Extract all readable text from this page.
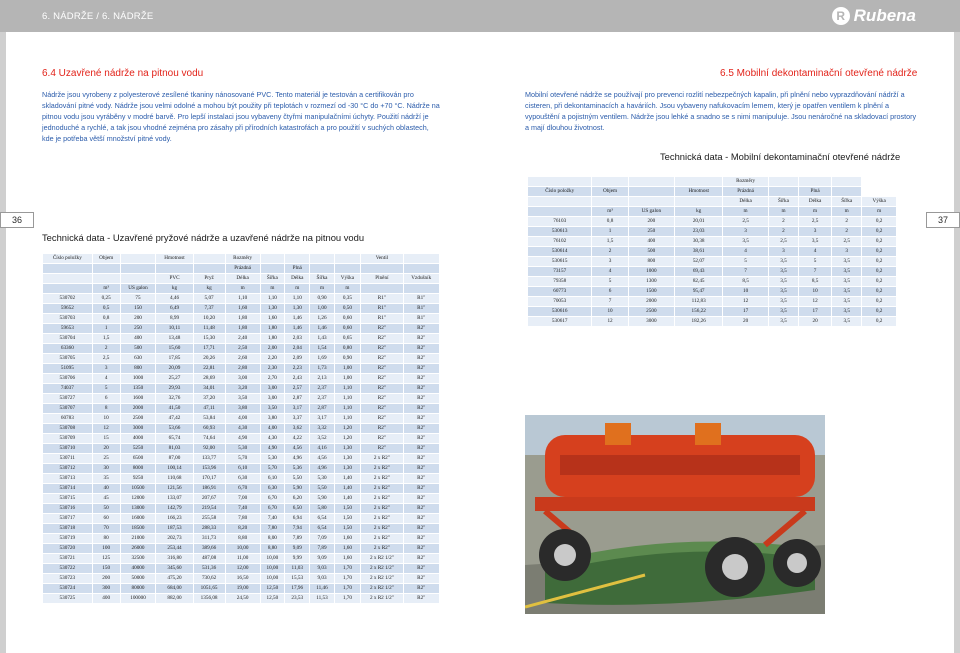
6. NÁDRŽE / 6. NÁDRŽE	R Rubena
36	37
6.4 Uzavřené nádrže na pitnou vodu

Nádrže jsou vyrobeny z polyesterové zesílené tkaniny nánosované PVC. Tento materiál je testován a certifikován pro skladování pitné vody. Nádrže jsou velmi odolné a mohou být použity při teplotách v rozmezí od -30 °C do +70 °C. Nádrže na pitnou vodu jsou vyráběny v modré barvě. Pro lepší instalaci jsou vybaveny čtyřmi manipulačními úchyty. Použití nádrží je jednoduché a rychlé, a tak jsou vhodné zejména pro zásahy při přírodních katastrofách a pro použití v suchých oblastech, kde je potřeba větší množství pitné vody.

Technická data - Uzavřené pryžové nádrže a uzavřené nádrže na pitnou vodu
Číslo položky	Objem		Hmotnost		Rozměry					Ventil	
					Prázdná		Plná				
			PVC	Pryž	Délka	Šířka	Délka	Šířka	Výška	Plnění	Vzdušník
	m³	US galon	kg	kg	m	m	m	m	m		
530702	0,25	75	4,46	5,07	1,10	1,10	1,10	0,90	0,35	R1"	R1"
59652	0,5	150	6,49	7,37	1,60	1,30	1,30	1,00	0,50	R1"	R1"
530703	0,8	200	8,99	10,20	1,80	1,60	1,46	1,26	0,60	R1"	R1"
59653	1	250	10,11	11,48	1,80	1,80	1,46	1,46	0,60	R2"	R2"
530704	1,5	400	13,48	15,30	2,40	1,80	2,03	1,43	0,65	R2"	R2"
63360	2	500	15,60	17,71	2,50	2,00	2,04	1,54	0,80	R2"	R2"
530705	2,5	630	17,85	20,26	2,60	2,20	2,09	1,69	0,90	R2"	R2"
51095	3	800	20,09	22,81	2,80	2,30	2,23	1,73	1,00	R2"	R2"
530706	4	1000	25,27	28,69	3,00	2,70	2,43	2,13	1,00	R2"	R2"
74037	5	1350	29,93	34,01	3,20	3,00	2,57	2,37	1,10	R2"	R2"
530727	6	1600	32,76	37,20	3,50	3,00	2,87	2,37	1,10	R2"	R2"
530707	8	2000	41,50	47,11	3,80	3,50	3,17	2,87	1,10	R2"	R2"
60783	10	2500	47,42	53,84	4,00	3,80	3,37	3,17	1,10	R2"	R2"
530708	12	3000	53,66	60,93	4,30	4,00	3,62	3,32	1,20	R2"	R2"
530709	15	4000	65,74	74,64	4,90	4,30	4,22	3,52	1,20	R2"	R2"
530710	20	5250	81,03	92,00	5,30	4,90	4,56	4,16	1,30	R2"	R2"
530711	25	6500	87,00	133,77	5,70	5,30	4,96	4,56	1,30	2 x R2"	R2"
530712	30	8000	100,14	153,96	6,10	5,70	5,36	4,96	1,30	2 x R2"	R2"
530713	35	9250	110,68	170,17	6,30	6,10	5,50	5,30	1,40	2 x R2"	R2"
530714	40	10500	121,56	186,91	6,70	6,30	5,90	5,50	1,40	2 x R2"	R2"
530715	45	12000	133,07	207,67	7,00	6,70	6,20	5,90	1,40	2 x R2"	R2"
530716	50	13000	142,79	219,54	7,40	6,70	6,50	5,80	1,50	2 x R2"	R2"
530717	60	16000	166,23	255,58	7,80	7,40	6,94	6,54	1,50	2 x R2"	R2"
530718	70	18500	187,53	288,33	8,20	7,80	7,94	6,54	1,50	2 x R2"	R2"
530719	80	21000	202,73	311,73	8,80	8,00	7,89	7,09	1,60	2 x R2"	R2"
530720	100	26000	253,44	389,66	10,00	8,80	9,09	7,89	1,60	2 x R2"	R2"
530721	125	32500	316,80	487,08	11,00	10,00	9,99	9,09	1,60	2 x R2 1/2"	R2"
530722	150	40000	345,60	531,36	12,00	10,00	11,03	9,03	1,70	2 x R2 1/2"	R2"
530723	200	50000	475,20	730,62	16,50	10,00	15,53	9,03	1,70	2 x R2 1/2"	R2"
530724	300	80000	684,00	1051,65	19,00	12,50	17,96	11,46	1,70	2 x R2 1/2"	R2"
530725	400	100000	882,00	1356,08	24,50	12,50	23,53	11,53	1,70	2 x R2 1/2"	R2"
6.5 Mobilní dekontaminační otevřené nádrže

Mobilní otevřené nádrže se používají pro prevenci rozlití nebezpečných kapalin, při plnění nebo vyprazdňování nádrží a cisteren, při dekontaminacích a haváriích. Jsou vybaveny nafukovacím lemem, který je opatřen ventilem k plnění a vypouštění a pojistným ventilem. Nádrže jsou lehké a snadno se s nimi manipuluje. Jsou nenáročné na skladovací prostory a mají dlouhou životnost.

Technická data - Mobilní dekontaminační otevřené nádrže
				Rozměry				
Číslo položky	Objem		Hmotnost	Prázdná		Plná		
				Délka	Šířka	Délka	Šířka	Výška
	m³	US galon	kg	m	m	m	m	m
76103	0,8	200	20,01	2,5	2	2,5	2	0,2
530613	1	250	23,03	3	2	3	2	0,2
76102	1,5	400	30,38	3,5	2,5	3,5	2,5	0,2
530614	2	500	38,61	4	3	4	3	0,2
530615	3	800	52,07	5	3,5	5	3,5	0,2
73157	4	1000	69,43	7	3,5	7	3,5	0,2
79358	5	1300	82,45	8,5	3,5	8,5	3,5	0,2
60773	6	1500	95,47	10	3,5	10	3,5	0,2
70053	7	2000	112,83	12	3,5	12	3,5	0,2
530616	10	2500	156,22	17	3,5	17	3,5	0,2
530617	12	3000	182,26	20	3,5	20	3,5	0,2
